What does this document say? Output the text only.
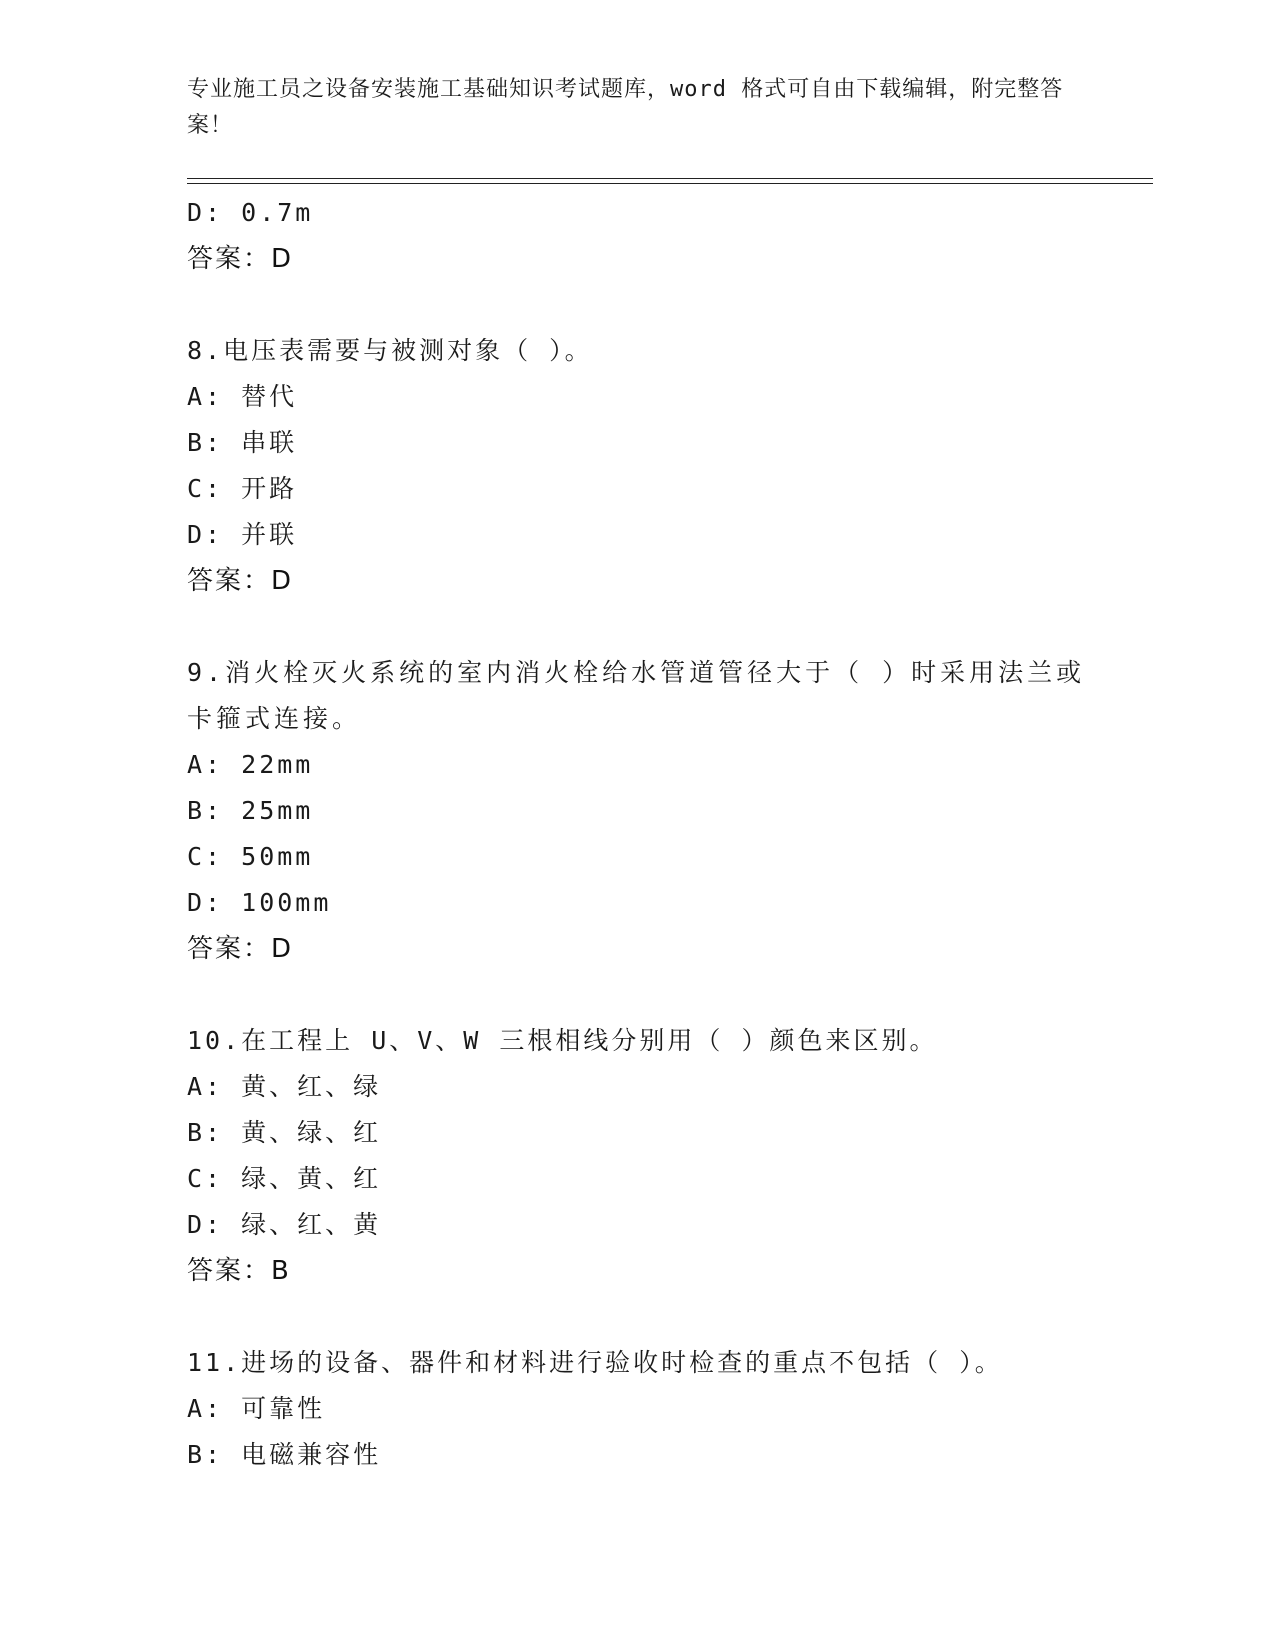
专业施工员之设备安装施工基础知识考试题库，word 格式可自由下载编辑，附完整答案！
D: 0.7m
答案：D
8.电压表需要与被测对象（ ）。
A: 替代
B: 串联
C: 开路
D: 并联
答案：D
9.消火栓灭火系统的室内消火栓给水管道管径大于（ ）时采用法兰或卡箍式连接。
A: 22mm
B: 25mm
C: 50mm
D: 100mm
答案：D
10.在工程上 U、V、W 三根相线分别用（ ）颜色来区别。
A: 黄、红、绿
B: 黄、绿、红
C: 绿、黄、红
D: 绿、红、黄
答案：B
11.进场的设备、器件和材料进行验收时检查的重点不包括（ ）。
A: 可靠性
B: 电磁兼容性
